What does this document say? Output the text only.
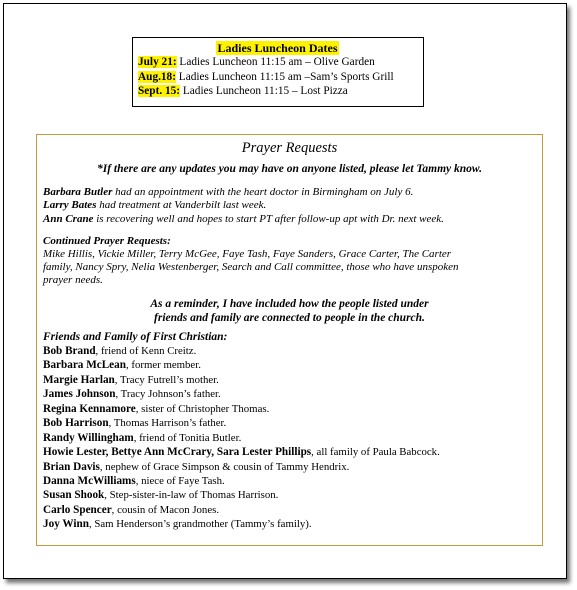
Ladies Luncheon Dates
July 21: Ladies Luncheon 11:15 am – Olive Garden
Aug.18: Ladies Luncheon 11:15 am –Sam’s Sports Grill
Sept. 15: Ladies Luncheon 11:15 – Lost Pizza
Prayer Requests
*If there are any updates you may have on anyone listed, please let Tammy know.
Barbara Butler had an appointment with the heart doctor in Birmingham on July 6.
Larry Bates had treatment at Vanderbilt last week.
Ann Crane is recovering well and hopes to start PT after follow-up apt with Dr. next week.
Continued Prayer Requests:
Mike Hillis, Vickie Miller, Terry McGee, Faye Tash, Faye Sanders, Grace Carter, The Carter
family, Nancy Spry, Nelia Westenberger, Search and Call committee, those who have unspoken
prayer needs.
As a reminder, I have included how the people listed under
friends and family are connected to people in the church.
Friends and Family of First Christian:
Bob Brand, friend of Kenn Creitz.
Barbara McLean, former member.
Margie Harlan, Tracy Futrell’s mother.
James Johnson, Tracy Johnson’s father.
Regina Kennamore, sister of Christopher Thomas.
Bob Harrison, Thomas Harrison’s father.
Randy Willingham, friend of Tonitia Butler.
Howie Lester, Bettye Ann McCrary, Sara Lester Phillips, all family of Paula Babcock.
Brian Davis, nephew of Grace Simpson & cousin of Tammy Hendrix.
Danna McWilliams, niece of Faye Tash.
Susan Shook, Step-sister-in-law of Thomas Harrison.
Carlo Spencer, cousin of Macon Jones.
Joy Winn, Sam Henderson’s grandmother (Tammy’s family).
